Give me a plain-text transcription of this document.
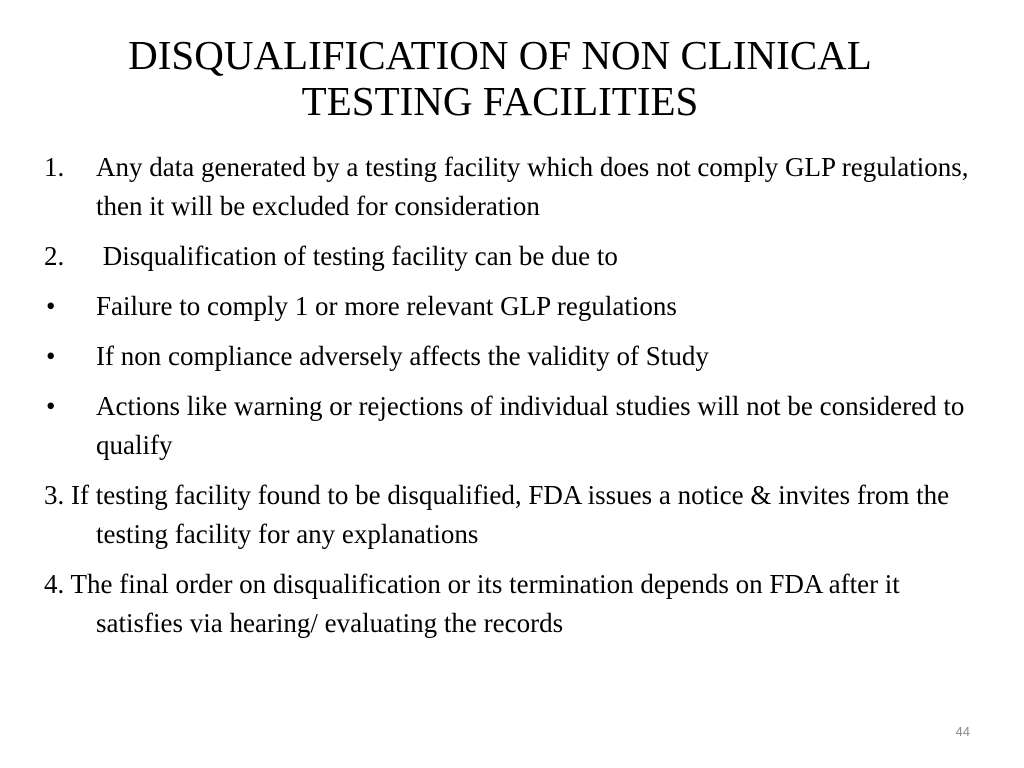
DISQUALIFICATION OF NON CLINICAL
TESTING FACILITIES
1. Any data generated by a testing facility which does not comply GLP regulations, then it will be excluded for consideration
2. Disqualification of testing facility can be due to
• Failure to comply 1 or more relevant GLP regulations
• If non compliance adversely affects the validity of Study
• Actions like warning or rejections of individual studies will not be considered to qualify
3. If testing facility found to be disqualified, FDA issues a notice & invites from the testing facility for any explanations
4. The final order on disqualification or its termination depends on FDA after it satisfies via hearing/ evaluating the records
44
